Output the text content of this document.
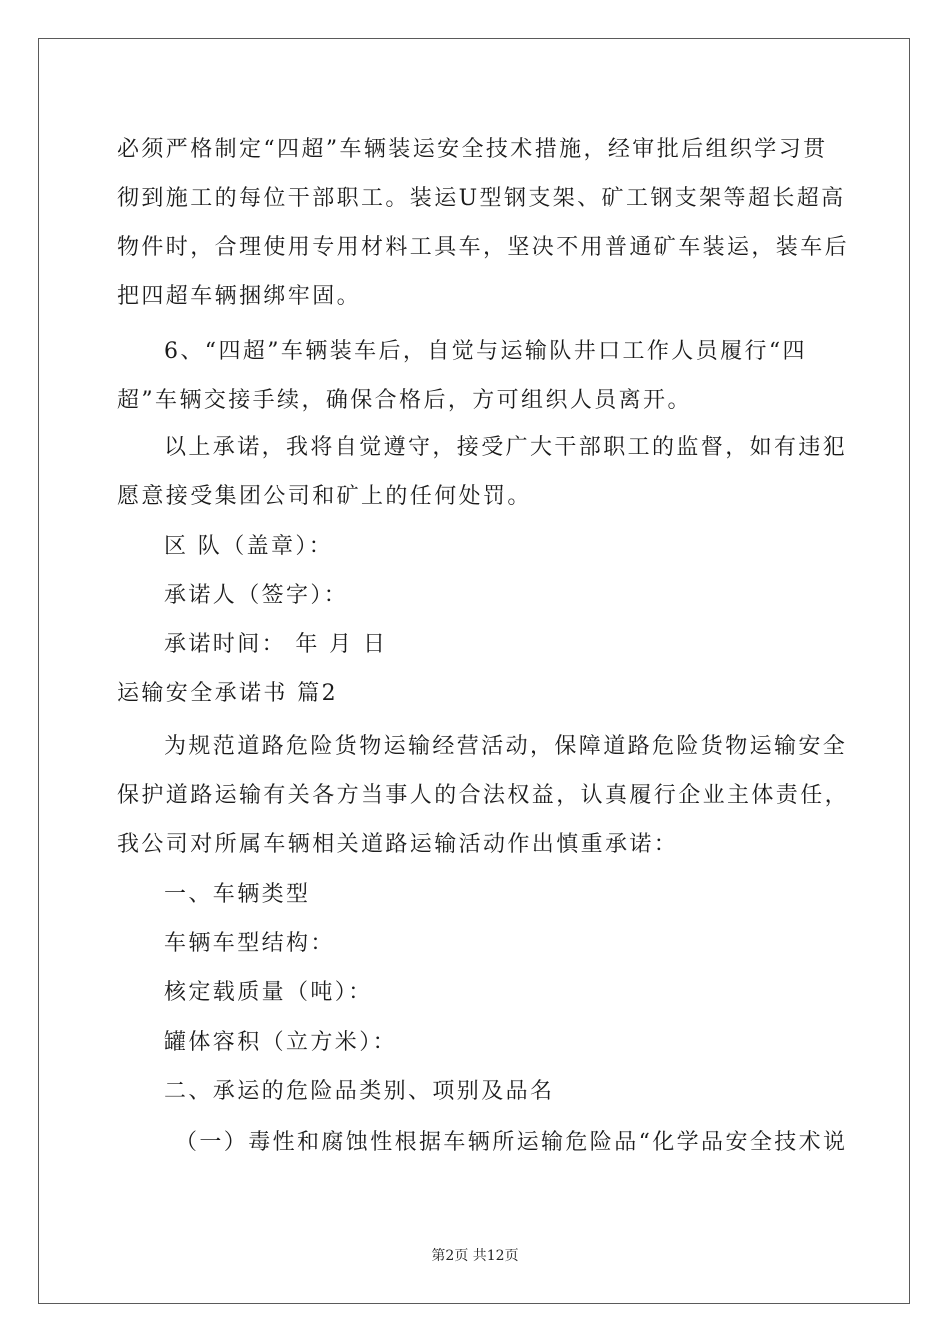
必须严格制定“四超”车辆装运安全技术措施，经审批后组织学习贯
彻到施工的每位干部职工。装运U型钢支架、矿工钢支架等超长超高
物件时，合理使用专用材料工具车，坚决不用普通矿车装运，装车后
把四超车辆捆绑牢固。
6、“四超”车辆装车后，自觉与运输队井口工作人员履行“四
超”车辆交接手续，确保合格后，方可组织人员离开。
以上承诺，我将自觉遵守，接受广大干部职工的监督，如有违犯
愿意接受集团公司和矿上的任何处罚。
区 队（盖章）：
承诺人（签字）：
承诺时间： 年 月 日
运输安全承诺书 篇2
为规范道路危险货物运输经营活动，保障道路危险货物运输安全
保护道路运输有关各方当事人的合法权益，认真履行企业主体责任，
我公司对所属车辆相关道路运输活动作出慎重承诺：
一、车辆类型
车辆车型结构：
核定载质量（吨）：
罐体容积（立方米）：
二、承运的危险品类别、项别及品名
（一）毒性和腐蚀性根据车辆所运输危险品“化学品安全技术说
第2页 共12页
